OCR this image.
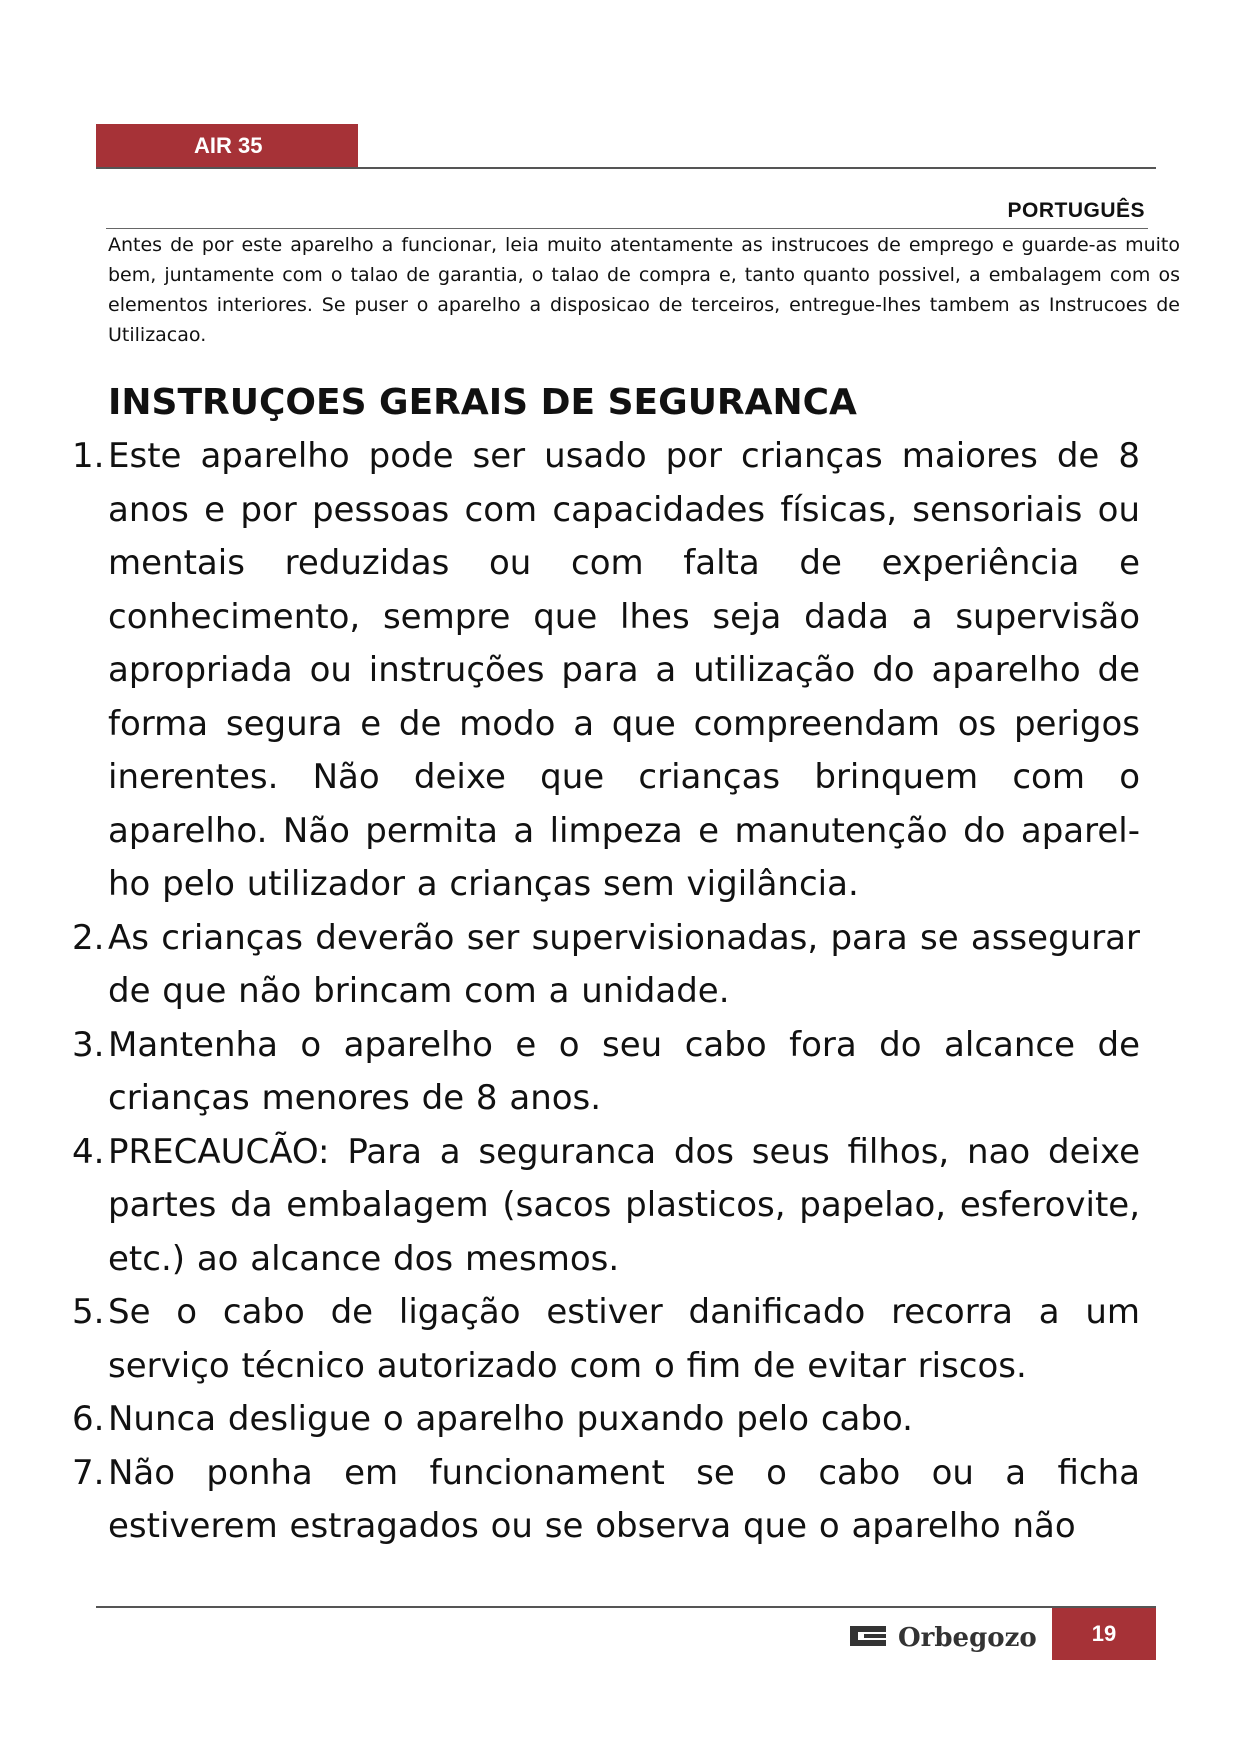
AIR 35
PORTUGUÊS

Antes de por este aparelho a funcionar, leia muito atentamente as instrucoes de emprego e guarde-as muito bem, juntamente com o talao de garantia, o talao de compra e, tanto quanto possivel, a embalagem com os elementos interiores. Se puser o aparelho a disposicao de terceiros, entregue-lhes tambem as Instrucoes de Utilizacao.

INSTRUÇOES GERAIS DE SEGURANCA
1. Este aparelho pode ser usado por crianças maiores de 8 anos e por pessoas com capacidades físicas, sensoriais ou mentais reduzidas ou com falta de experiência e conhecimento, sempre que lhes seja dada a supervisão apropriada ou instruções para a utilização do aparelho de forma segura e de modo a que compreendam os perigos inerentes. Não deixe que crianças brinquem com o aparelho. Não permita a limpeza e manutenção do aparel-ho pelo utilizador a crianças sem vigilância.
2. As crianças deverão ser supervisionadas, para se assegurar de que não brincam com a unidade.
3. Mantenha o aparelho e o seu cabo fora do alcance de crianças menores de 8 anos.
4. PRECAUCÃO: Para a seguranca dos seus filhos, nao deixe partes da embalagem (sacos plasticos, papelao, esferovite, etc.) ao alcance dos mesmos.
5. Se o cabo de ligação estiver danificado recorra a um serviço técnico autorizado com o fim de evitar riscos.
6. Nunca desligue o aparelho puxando pelo cabo.
7. Não ponha em funcionament se o cabo ou a ficha estiverem estragados ou se observa que o aparelho não
Orbegozo	19
